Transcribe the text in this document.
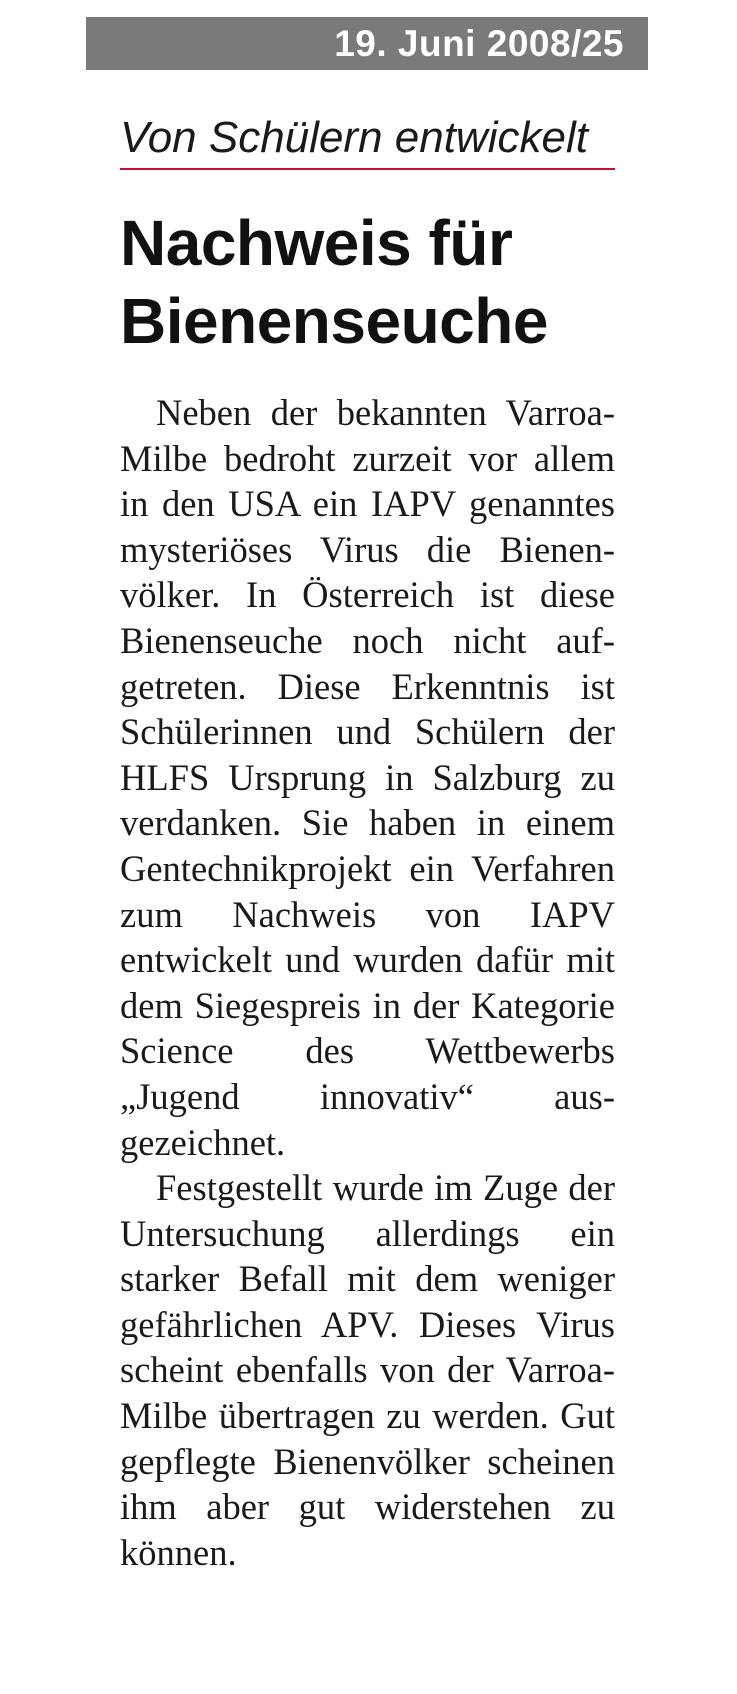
19. Juni 2008/25
Von Schülern entwickelt
Nachweis für
Bienenseuche

Neben der bekannten Varroa-Milbe bedroht zurzeit vor allem in den USA ein IAPV genanntes mysteriöses Virus die Bienenvölker. In Österreich ist diese Bienenseuche noch nicht aufgetreten. Diese Erkenntnis ist Schülerinnen und Schülern der HLFS Ursprung in Salzburg zu verdanken. Sie haben in einem Gentechnikprojekt ein Verfahren zum Nachweis von IAPV entwickelt und wurden dafür mit dem Siegespreis in der Kategorie Science des Wettbewerbs „Jugend innovativ“ ausgezeichnet.

Festgestellt wurde im Zuge der Untersuchung allerdings ein starker Befall mit dem weniger gefährlichen APV. Dieses Virus scheint ebenfalls von der Varroa-Milbe übertragen zu werden. Gut gepflegte Bienenvölker scheinen ihm aber gut widerstehen zu können.
